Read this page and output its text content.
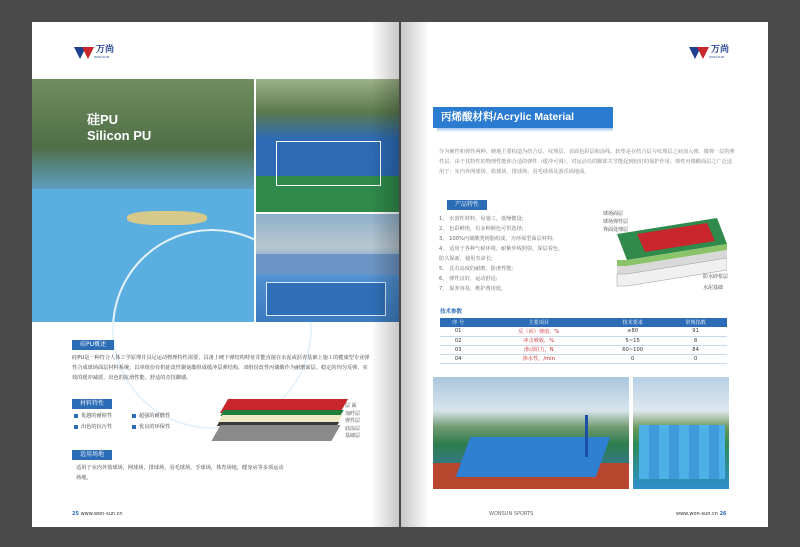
万尚
WON-SUN
硅PU
Silicon PU
硅PU概述
硅PU是一种符合人体工学原理并具足运动物理特性需要，具备上硬下弹结构特征并能直接在水泥或沥青基础上施工的健康型专业弹性合成球场面层材料系统，以单组份有机硅改性聚氨酯组成缓冲层弹结构，双组份改性丙烯酸作为耐磨面层。稳定的均匀反弹、实效的缓冲减震、出色的抗滑性能、舒适的竞技脚感。
材料特性
优越的耐候性
出色的抗污性
超强的耐磨性
优良的环保性
层 面
加纤层
弹性层
底涂层
基础层
适用场地
适用于室内外篮球场，网球场，排球场，羽毛球场，手球场，体育场地，健身房等多项运动场地。
25 www.won-sun.cn
万尚
WON-SUN
丙烯酸材料/Acrylic Material
分为硬性和弹性两种。硬地主要构造为结合层、纹理层、表面色彩层和涂线。软垫是在结合层与纹理层之间加入弹、微弹一层的弹性层。由于其特性的物理性能和合适的弹性（缓冲可调），对运动员的脚部关节能起到较好的保护作用。弹性丙烯酸面层之广泛适用于：室内外网球场、篮球场、排球场、羽毛球场及游乐场地面。
产品特性
1、 水溶性材料，易施工，低噪健设;
2、 色彩鲜艳，有多种颜色可供选择;
3、 100%丙烯酸类树脂组成，为环保型面层材料;
4、 适用于各种气候环境，耐紫外线照射，深层着色，
防久保新，使用寿命长;
5、 具有高度的耐磨，防滑性能;
6、 弹性良好，运动舒适;
7、 保养容易，维护费用低。
球场面层
球场弹性层
界面处理层
防水砂浆层
水泥基础
技术参数
序 号	主要项目	技术要求	常规指数
01	反（回）弹值，%	≥80	91
02	冲击吸收，%	5~15	8
03	滑动阻力，N	60~100	84
04	渗水性，/min	0	0
WONSUN SPORTS	www.won-sun.cn 26
